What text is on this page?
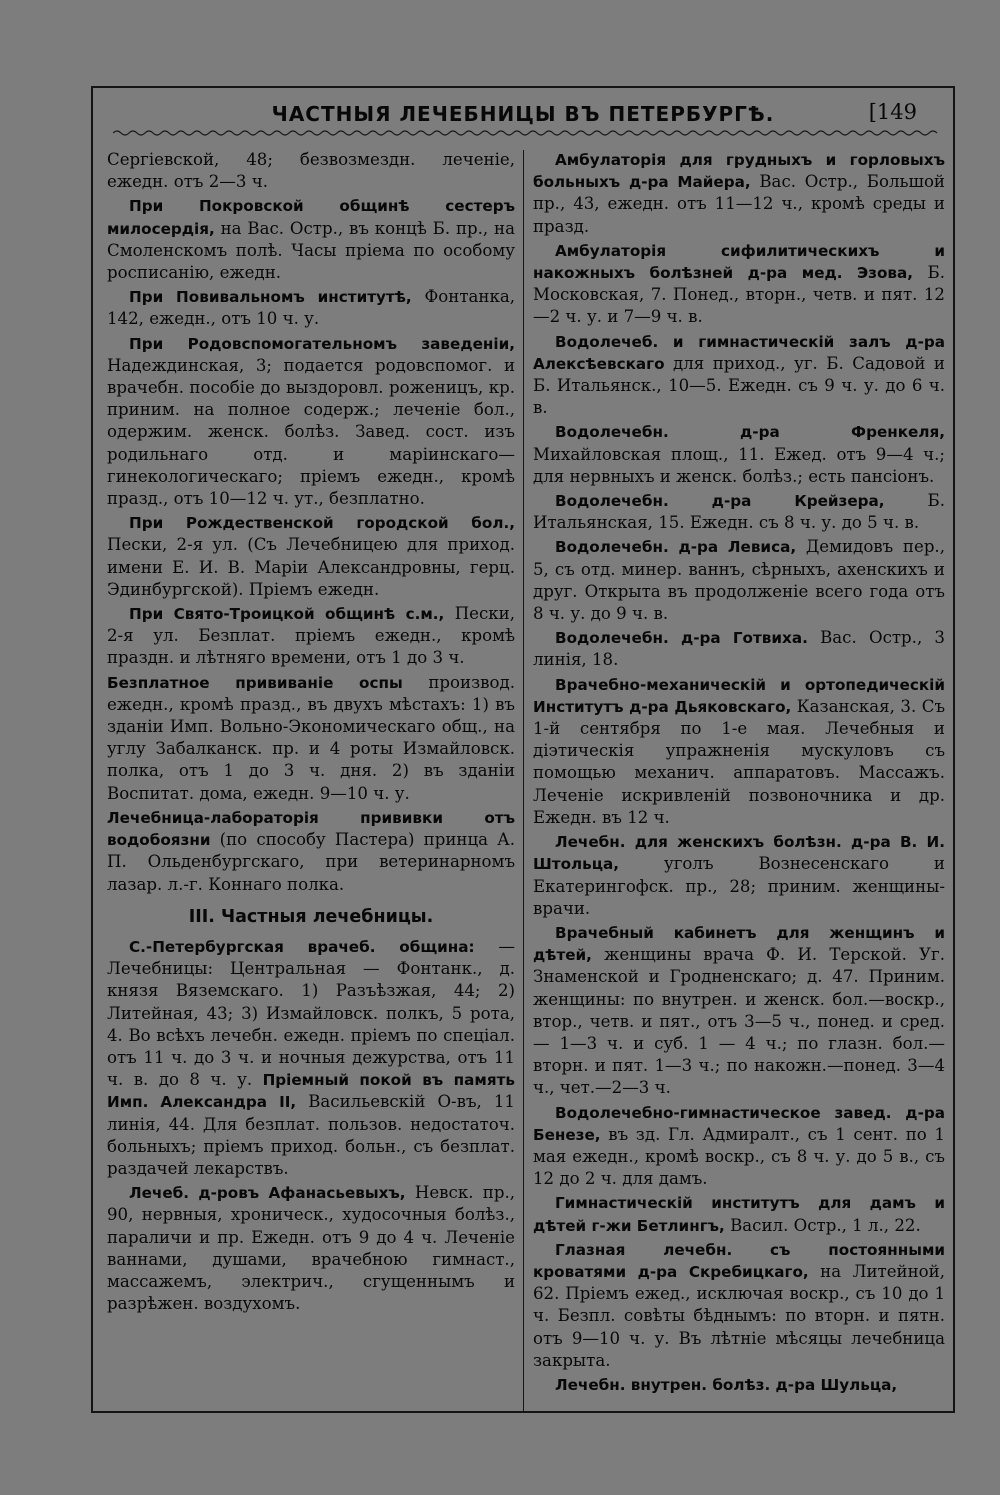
ЧАСТНЫЯ ЛЕЧЕБНИЦЫ ВЪ ПЕТЕРБУРГѢ.	[149

Сергіевской, 48; безвозмездн. леченіе, ежедн. отъ 2—3 ч.

При Покровской общинѣ сестеръ милосердія, на Вас. Остр., въ концѣ Б. пр., на Смоленскомъ полѣ. Часы пріема по особому росписанію, ежедн.

При Повивальномъ институтѣ, Фонтанка, 142, ежедн., отъ 10 ч. у.

При Родовспомогательномъ заведеніи, Надеждинская, 3; подается родовспомог. и врачебн. пособіе до выздоровл. роженицъ, кр. приним. на полное содерж.; леченіе бол., одержим. женск. болѣз. Завед. сост. изъ родильнаго отд. и маріинскаго—гинекологическаго; пріемъ ежедн., кромѣ празд., отъ 10—12 ч. ут., безплатно.

При Рождественской городской бол., Пески, 2-я ул. (Съ Лечебницею для приход. имени Е. И. В. Маріи Александровны, герц. Эдинбургской). Пріемъ ежедн.

При Свято-Троицкой общинѣ с.м., Пески, 2-я ул. Безплат. пріемъ ежедн., кромѣ праздн. и лѣтняго времени, отъ 1 до 3 ч.

Безплатное прививаніе оспы производ. ежедн., кромѣ празд., въ двухъ мѣстахъ: 1) въ зданіи Имп. Вольно-Экономическаго общ., на углу Забалканск. пр. и 4 роты Измайловск. полка, отъ 1 до 3 ч. дня. 2) въ зданіи Воспитат. дома, ежедн. 9—10 ч. у.

Лечебница-лабораторія прививки отъ водобоязни (по способу Пастера) принца А. П. Ольденбургскаго, при ветеринарномъ лазар. л.-г. Коннаго полка.

III. Частныя лечебницы.

С.-Петербургская врачеб. община: — Лечебницы: Центральная — Фонтанк., д. князя Вяземскаго. 1) Разъѣзжая, 44; 2) Литейная, 43; 3) Измайловск. полкъ, 5 рота, 4. Во всѣхъ лечебн. ежедн. пріемъ по спеціал. отъ 11 ч. до 3 ч. и ночныя дежурства, отъ 11 ч. в. до 8 ч. у. Пріемный покой въ память Имп. Александра II, Васильевскій О-въ, 11 линія, 44. Для безплат. пользов. недостаточ. больныхъ; пріемъ приход. больн., съ безплат. раздачей лекарствъ.

Лечеб. д-ровъ Афанасьевыхъ, Невск. пр., 90, нервныя, хроническ., худосочныя болѣз., параличи и пр. Ежедн. отъ 9 до 4 ч. Леченіе ваннами, душами, врачебною гимнаст., массажемъ, электрич., сгущеннымъ и разрѣжен. воздухомъ.

Амбулаторія для грудныхъ и горловыхъ больныхъ д-ра Майера, Вас. Остр., Большой пр., 43, ежедн. отъ 11—12 ч., кромѣ среды и празд.

Амбулаторія сифилитическихъ и накожныхъ болѣзней д-ра мед. Эзова, Б. Московская, 7. Понед., вторн., четв. и пят. 12—2 ч. у. и 7—9 ч. в.

Водолечеб. и гимнастическій залъ д-ра Алексѣевскаго для приход., уг. Б. Садовой и Б. Итальянск., 10—5. Ежедн. съ 9 ч. у. до 6 ч. в.

Водолечебн. д-ра Френкеля, Михайловская площ., 11. Ежед. отъ 9—4 ч.; для нервныхъ и женск. болѣз.; есть пансіонъ.

Водолечебн. д-ра Крейзера, Б. Итальянская, 15. Ежедн. съ 8 ч. у. до 5 ч. в.

Водолечебн. д-ра Левиса, Демидовъ пер., 5, съ отд. минер. ваннъ, сѣрныхъ, ахенскихъ и друг. Открыта въ продолженіе всего года отъ 8 ч. у. до 9 ч. в.

Водолечебн. д-ра Готвиха. Вас. Остр., 3 линія, 18.

Врачебно-механическій и ортопедическій Институтъ д-ра Дьяковскаго, Казанская, 3. Съ 1-й сентября по 1-е мая. Лечебныя и діэтическія упражненія мускуловъ съ помощью механич. аппаратовъ. Массажъ. Леченіе искривленій позвоночника и др. Ежедн. въ 12 ч.

Лечебн. для женскихъ болѣзн. д-ра В. И. Штольца, уголъ Вознесенскаго и Екатерингофск. пр., 28; приним. женщины-врачи.

Врачебный кабинетъ для женщинъ и дѣтей, женщины врача Ф. И. Терской. Уг. Знаменской и Гродненскаго; д. 47. Приним. женщины: по внутрен. и женск. бол.—воскр., втор., четв. и пят., отъ 3—5 ч., понед. и сред. — 1—3 ч. и суб. 1 — 4 ч.; по глазн. бол.—вторн. и пят. 1—3 ч.; по накожн.—понед. 3—4 ч., чет.—2—3 ч.

Водолечебно-гимнастическое завед. д-ра Бенезе, въ зд. Гл. Адмиралт., съ 1 сент. по 1 мая ежедн., кромѣ воскр., съ 8 ч. у. до 5 в., съ 12 до 2 ч. для дамъ.

Гимнастическій институтъ для дамъ и дѣтей г-жи Бетлингъ, Васил. Остр., 1 л., 22.

Глазная лечебн. съ постоянными кроватями д-ра Скребицкаго, на Литейной, 62. Пріемъ ежед., исключая воскр., съ 10 до 1 ч. Безпл. совѣты бѣднымъ: по вторн. и пятн. отъ 9—10 ч. у. Въ лѣтніе мѣсяцы лечебница закрыта.

Лечебн. внутрен. болѣз. д-ра Шульца,
